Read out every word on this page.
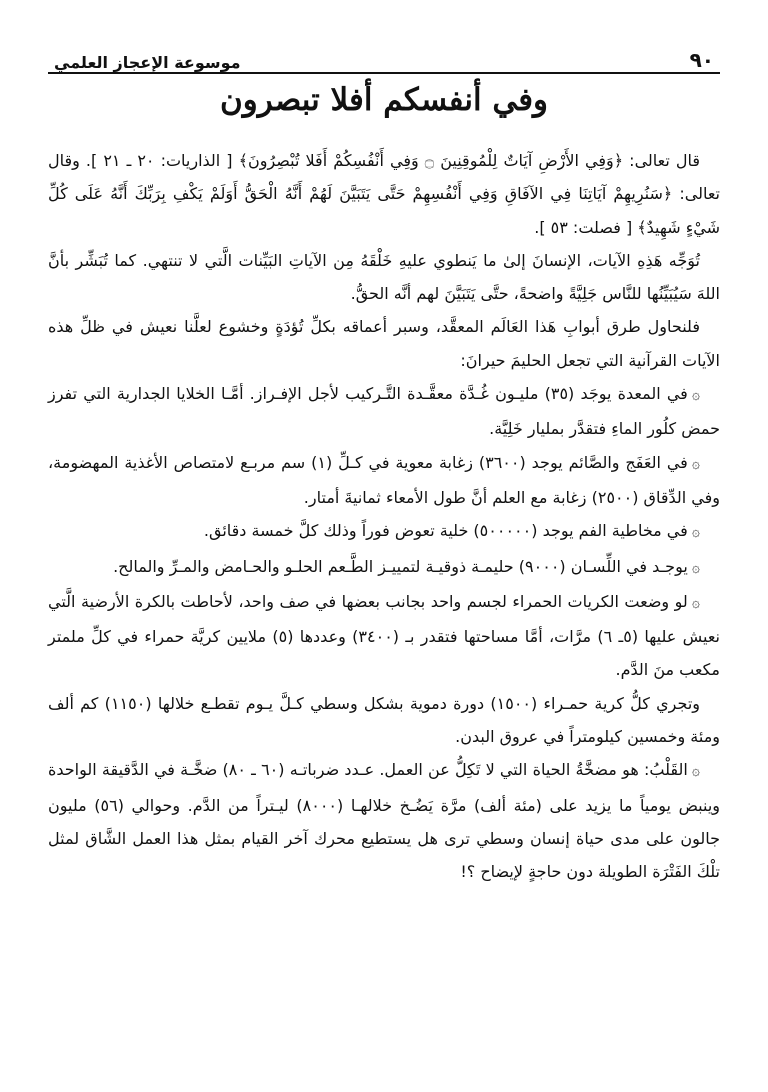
٩٠
موسوعة الإعجاز العلمي
وفي أنفسكم أفلا تبصرون

قال تعالى: ﴿وَفِي الأَرْضِ آيَاتٌ لِلْمُوقِنِينَ ۝ وَفِي أَنْفُسِكُمْ أَفَلا تُبْصِرُونَ﴾ [ الذاريات: ٢٠ ـ ٢١ ]. وقال تعالى: ﴿سَنُرِيهِمْ آيَاتِنَا فِي الآفَاقِ وَفِي أَنْفُسِهِمْ حَتَّى يَتَبَيَّنَ لَهُمْ أَنَّهُ الْحَقُّ أَوَلَمْ يَكْفِ بِرَبِّكَ أَنَّهُ عَلَى كُلِّ شَيْءٍ شَهِيدٌ﴾ [ فصلت: ٥٣ ].

تُوَجِّه هَذِهِ الآيات، الإنسانَ إلىٰ ما يَنطوي عليهِ خَلْقَهُ مِن الآياتِ البَيِّنات الَّتي لا تنتهي. كما تُبَشِّر بأنَّ اللهَ سَيُبَيِّنُها للنَّاس جَلِيَّةً واضحةً، حتَّى يَتَبَيَّنَ لهم أنَّه الحقُّ.

فلنحاول طرق أبوابِ هَذا العَالَم المعقَّد، وسبر أعماقه بكلِّ تُؤدَةٍ وخشوع لعلَّنا نعيش في ظلِّ هذه الآيات القرآنية التي تجعل الحليمَ حيرانَ:

۞في المعدة يوجَد (٣٥) مليـون غُـدَّة معقَّـدة التَّـركيب لأجل الإفـراز. أمَّـا الخلايا الجدارية التي تفرز حمض كلُور الماءِ فتقدَّر بمليار خَلِيَّة.

۞في العَفَج والصَّائم يوجد (٣٦٠٠) زغابة معوية في كـلِّ (١) سم مربـع لامتصاص الأغذية المهضومة، وفي الدِّقاق (٢٥٠٠) زغابة مع العلم أنَّ طول الأمعاء ثمانيةَ أمتار.

۞في مخاطية الفم يوجد (٥٠٠٠٠٠) خلية تعوض فوراً وذلك كلَّ خمسة دقائق.

۞يوجـد في اللِّسـان (٩٠٠٠) حليمـة ذوقيـة لتمييـز الطَّـعم الحلـو والحـامض والمـرِّ والمالح.

۞لو وضعت الكريات الحمراء لجسم واحد بجانب بعضها في صف واحد، لأحاطت بالكرة الأرضية الَّتي نعيش عليها (٥ـ ٦) مرَّات، أمَّا مساحتها فتقدر بـ (٣٤٠٠) وعددها (٥) ملايين كريَّة حمراء في كلِّ ملمتر مكعب منَ الدَّم.

وتجري كلُّ كرية حمـراء (١٥٠٠) دورة دموية بشكل وسطي كـلَّ يـوم تقطـع خلالها (١١٥٠) كم ألف ومئة وخمسين كيلومتراً في عروق البدن.

۞القَلْبُ: هو مضخَّةُ الحياة التي لا تَكِلُّ عن العمل. عـدد ضرباتـه (٦٠ ـ ٨٠) ضخَّـة في الدَّقيقة الواحدة وينبض يومياً ما يزيد على (مئة ألف) مرَّة يَضُـخ خلالهـا (٨٠٠٠) ليـتراً من الدَّم. وحوالي (٥٦) مليون جالون على مدى حياة إنسان وسطي ترى هل يستطيع محرك آخر القيام بمثل هذا العمل الشَّاق لمثل تلْكَ الفَتْرَة الطويلة دون حاجةٍ لإيضاح ؟!
